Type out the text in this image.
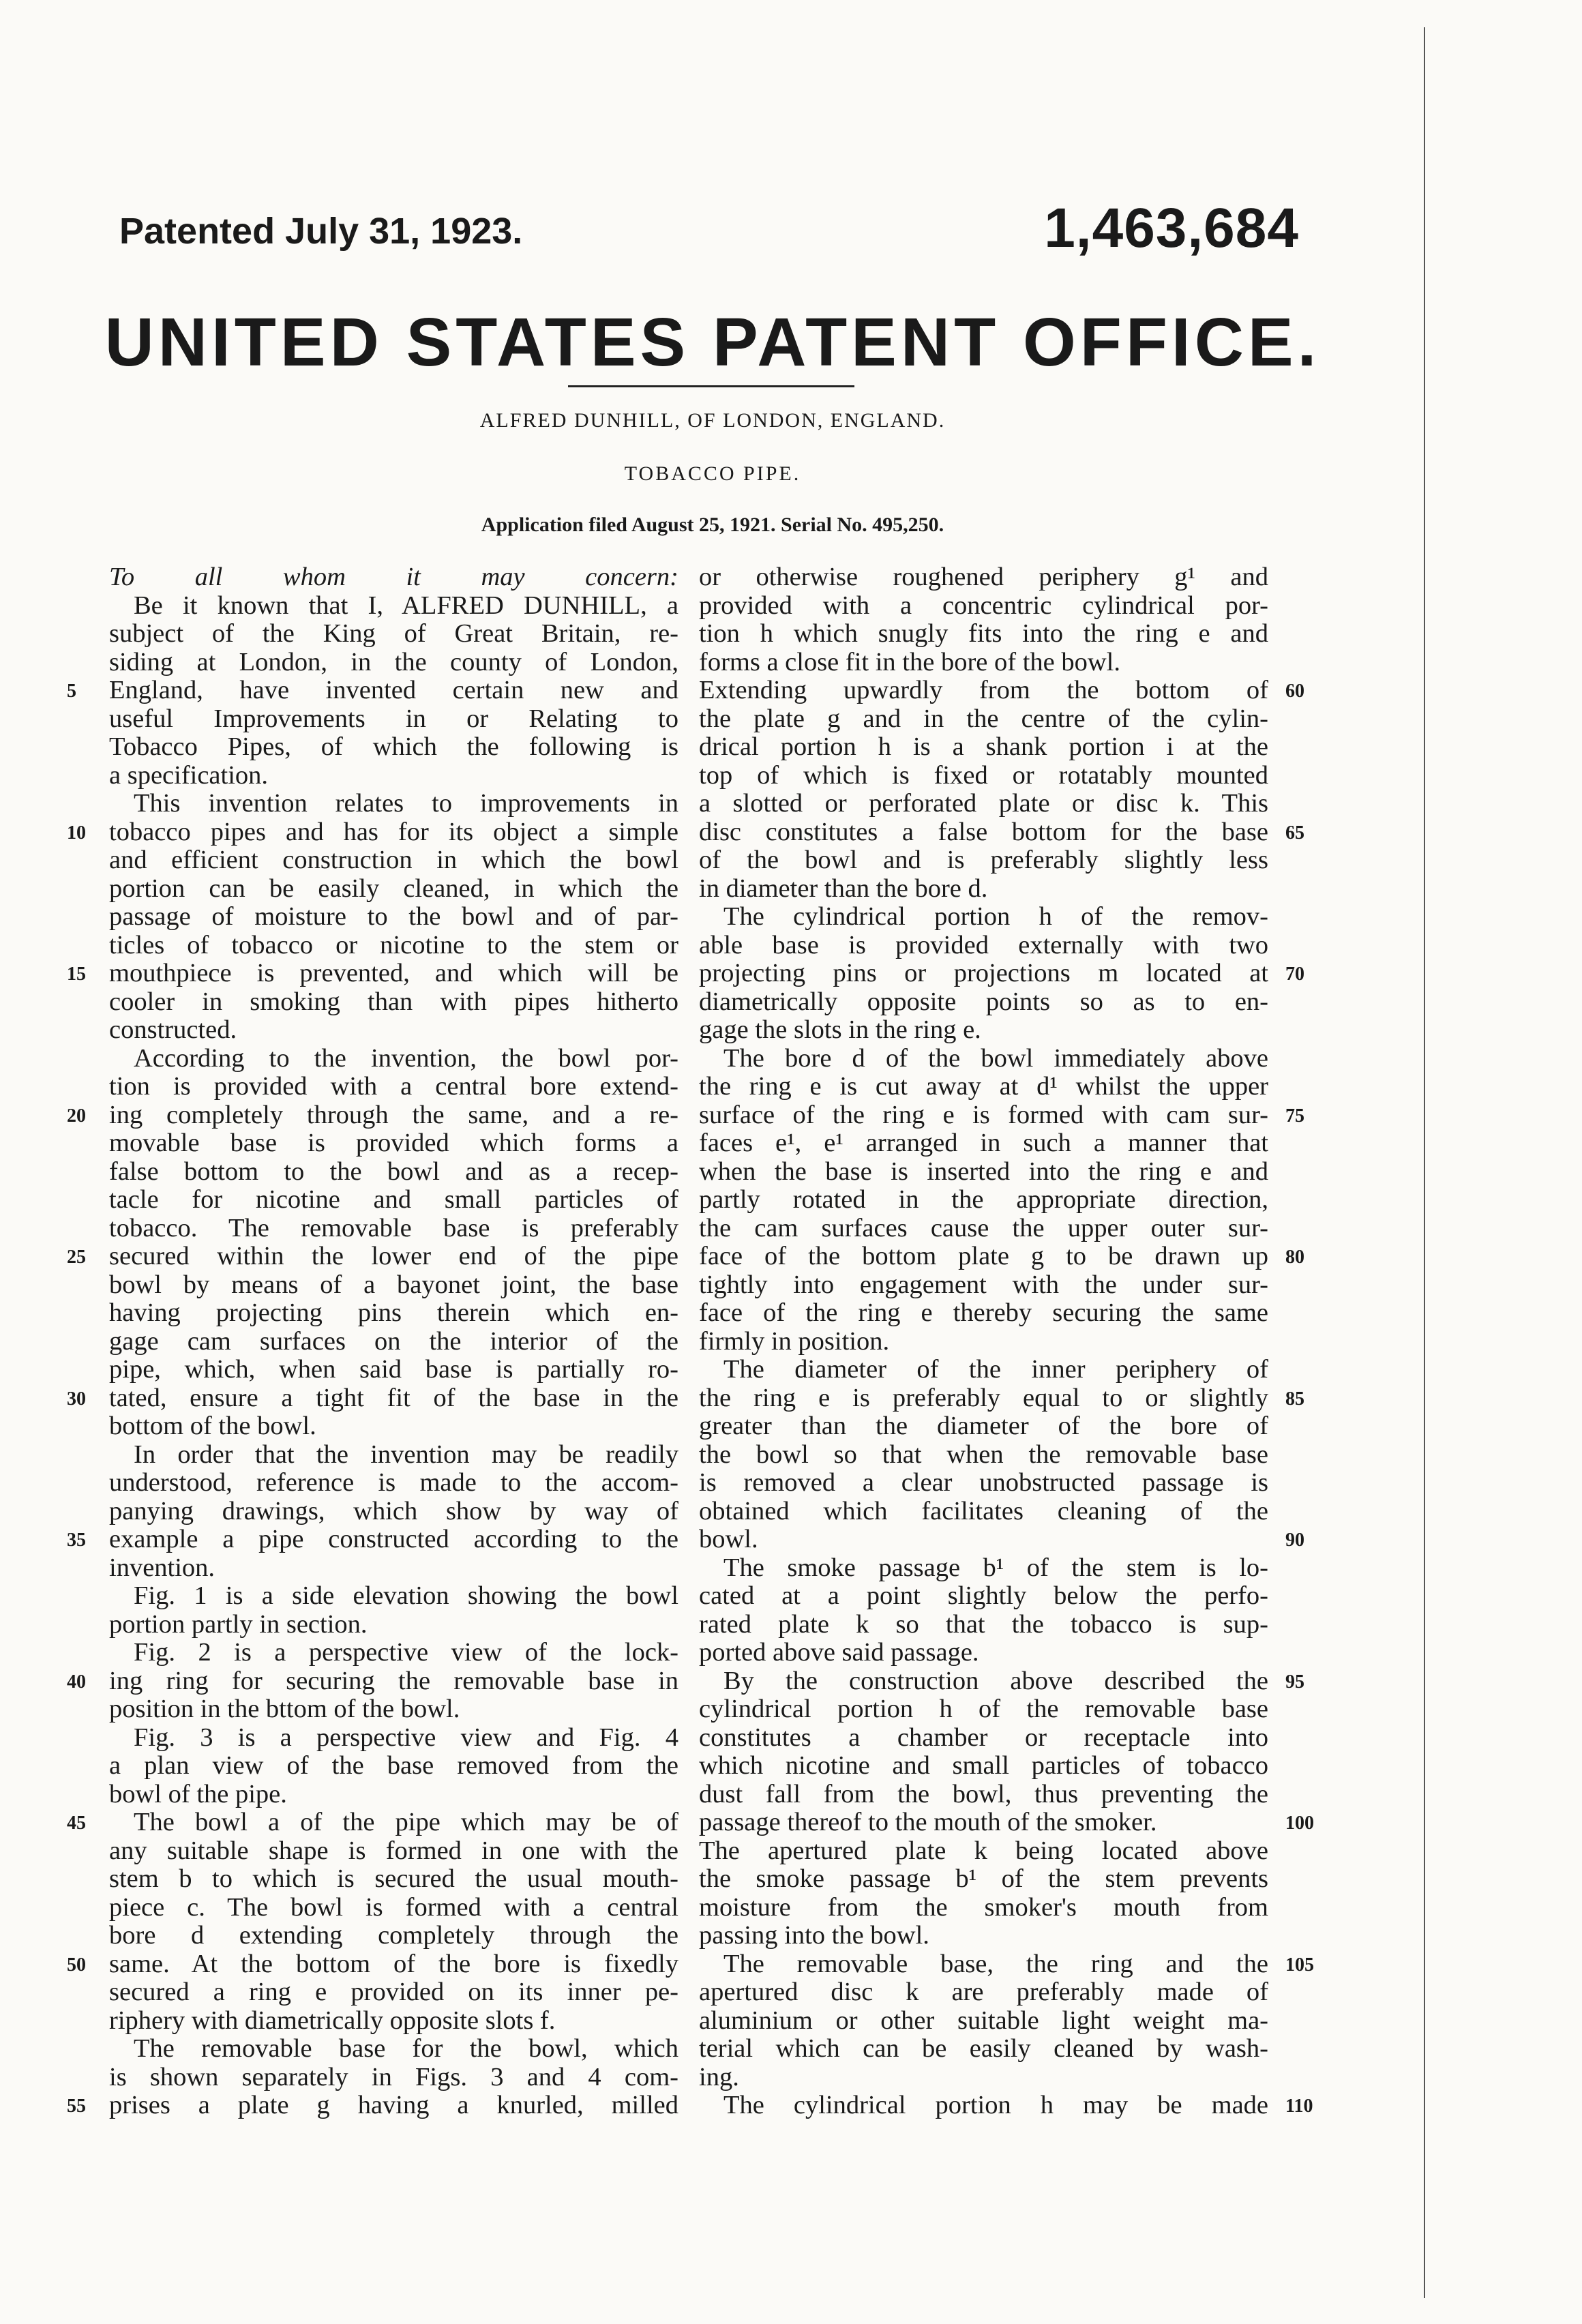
Patented July 31, 1923.	1,463,684
UNITED STATES PATENT OFFICE.
ALFRED DUNHILL, OF LONDON, ENGLAND.
TOBACCO PIPE.
Application filed August 25, 1921. Serial No. 495,250.
To all whom it may concern:
Be it known that I, ALFRED DUNHILL, a
subject of the King of Great Britain, re-
siding at London, in the county of London,
England, have invented certain new and
useful Improvements in or Relating to
Tobacco Pipes, of which the following is
a specification.
This invention relates to improvements in
tobacco pipes and has for its object a simple
and efficient construction in which the bowl
portion can be easily cleaned, in which the
passage of moisture to the bowl and of par-
ticles of tobacco or nicotine to the stem or
mouthpiece is prevented, and which will be
cooler in smoking than with pipes hitherto
constructed.
According to the invention, the bowl por-
tion is provided with a central bore extend-
ing completely through the same, and a re-
movable base is provided which forms a
false bottom to the bowl and as a recep-
tacle for nicotine and small particles of
tobacco. The removable base is preferably
secured within the lower end of the pipe
bowl by means of a bayonet joint, the base
having projecting pins therein which en-
gage cam surfaces on the interior of the
pipe, which, when said base is partially ro-
tated, ensure a tight fit of the base in the
bottom of the bowl.
In order that the invention may be readily
understood, reference is made to the accom-
panying drawings, which show by way of
example a pipe constructed according to the
invention.
Fig. 1 is a side elevation showing the bowl
portion partly in section.
Fig. 2 is a perspective view of the lock-
ing ring for securing the removable base in
position in the bttom of the bowl.
Fig. 3 is a perspective view and Fig. 4
a plan view of the base removed from the
bowl of the pipe.
The bowl a of the pipe which may be of
any suitable shape is formed in one with the
stem b to which is secured the usual mouth-
piece c. The bowl is formed with a central
bore d extending completely through the
same. At the bottom of the bore is fixedly
secured a ring e provided on its inner pe-
riphery with diametrically opposite slots f.
The removable base for the bowl, which
is shown separately in Figs. 3 and 4 com-
prises a plate g having a knurled, milled
or otherwise roughened periphery g¹ and
provided with a concentric cylindrical por-
tion h which snugly fits into the ring e and
forms a close fit in the bore of the bowl.
Extending upwardly from the bottom of
the plate g and in the centre of the cylin-
drical portion h is a shank portion i at the
top of which is fixed or rotatably mounted
a slotted or perforated plate or disc k. This
disc constitutes a false bottom for the base
of the bowl and is preferably slightly less
in diameter than the bore d.
The cylindrical portion h of the remov-
able base is provided externally with two
projecting pins or projections m located at
diametrically opposite points so as to en-
gage the slots in the ring e.
The bore d of the bowl immediately above
the ring e is cut away at d¹ whilst the upper
surface of the ring e is formed with cam sur-
faces e¹, e¹ arranged in such a manner that
when the base is inserted into the ring e and
partly rotated in the appropriate direction,
the cam surfaces cause the upper outer sur-
face of the bottom plate g to be drawn up
tightly into engagement with the under sur-
face of the ring e thereby securing the same
firmly in position.
The diameter of the inner periphery of
the ring e is preferably equal to or slightly
greater than the diameter of the bore of
the bowl so that when the removable base
is removed a clear unobstructed passage is
obtained which facilitates cleaning of the
bowl.
The smoke passage b¹ of the stem is lo-
cated at a point slightly below the perfo-
rated plate k so that the tobacco is sup-
ported above said passage.
By the construction above described the
cylindrical portion h of the removable base
constitutes a chamber or receptacle into
which nicotine and small particles of tobacco
dust fall from the bowl, thus preventing the
passage thereof to the mouth of the smoker.
The apertured plate k being located above
the smoke passage b¹ of the stem prevents
moisture from the smoker's mouth from
passing into the bowl.
The removable base, the ring and the
apertured disc k are preferably made of
aluminium or other suitable light weight ma-
terial which can be easily cleaned by wash-
ing.
The cylindrical portion h may be made
5
10
15
20
25
30
35
40
45
50
55
60
65
70
75
80
85
90
95
100
105
110
